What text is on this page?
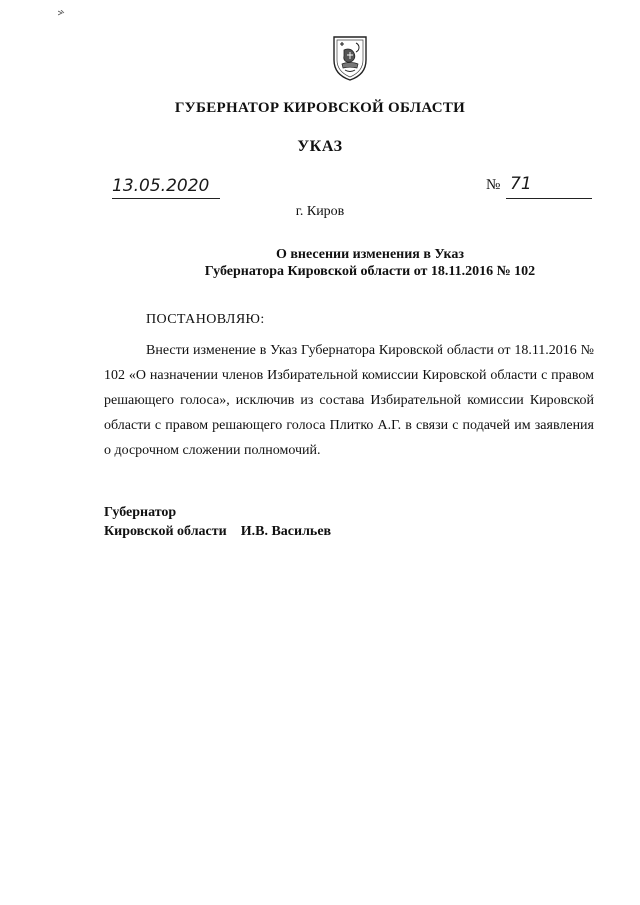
ГУБЕРНАТОР КИРОВСКОЙ ОБЛАСТИ
УКАЗ
13.05.2020	№ 71
г. Киров
О внесении изменения в Указ
Губернатора Кировской области от 18.11.2016 № 102
ПОСТАНОВЛЯЮ:
Внести изменение в Указ Губернатора Кировской области от 18.11.2016 № 102 «О назначении членов Избирательной комиссии Кировской области с правом решающего голоса», исключив из состава Избирательной комиссии Кировской области с правом решающего голоса Плитко А.Г. в связи с подачей им заявления о досрочном сложении полномочий.
Губернатор
Кировской области И.В. Васильев
